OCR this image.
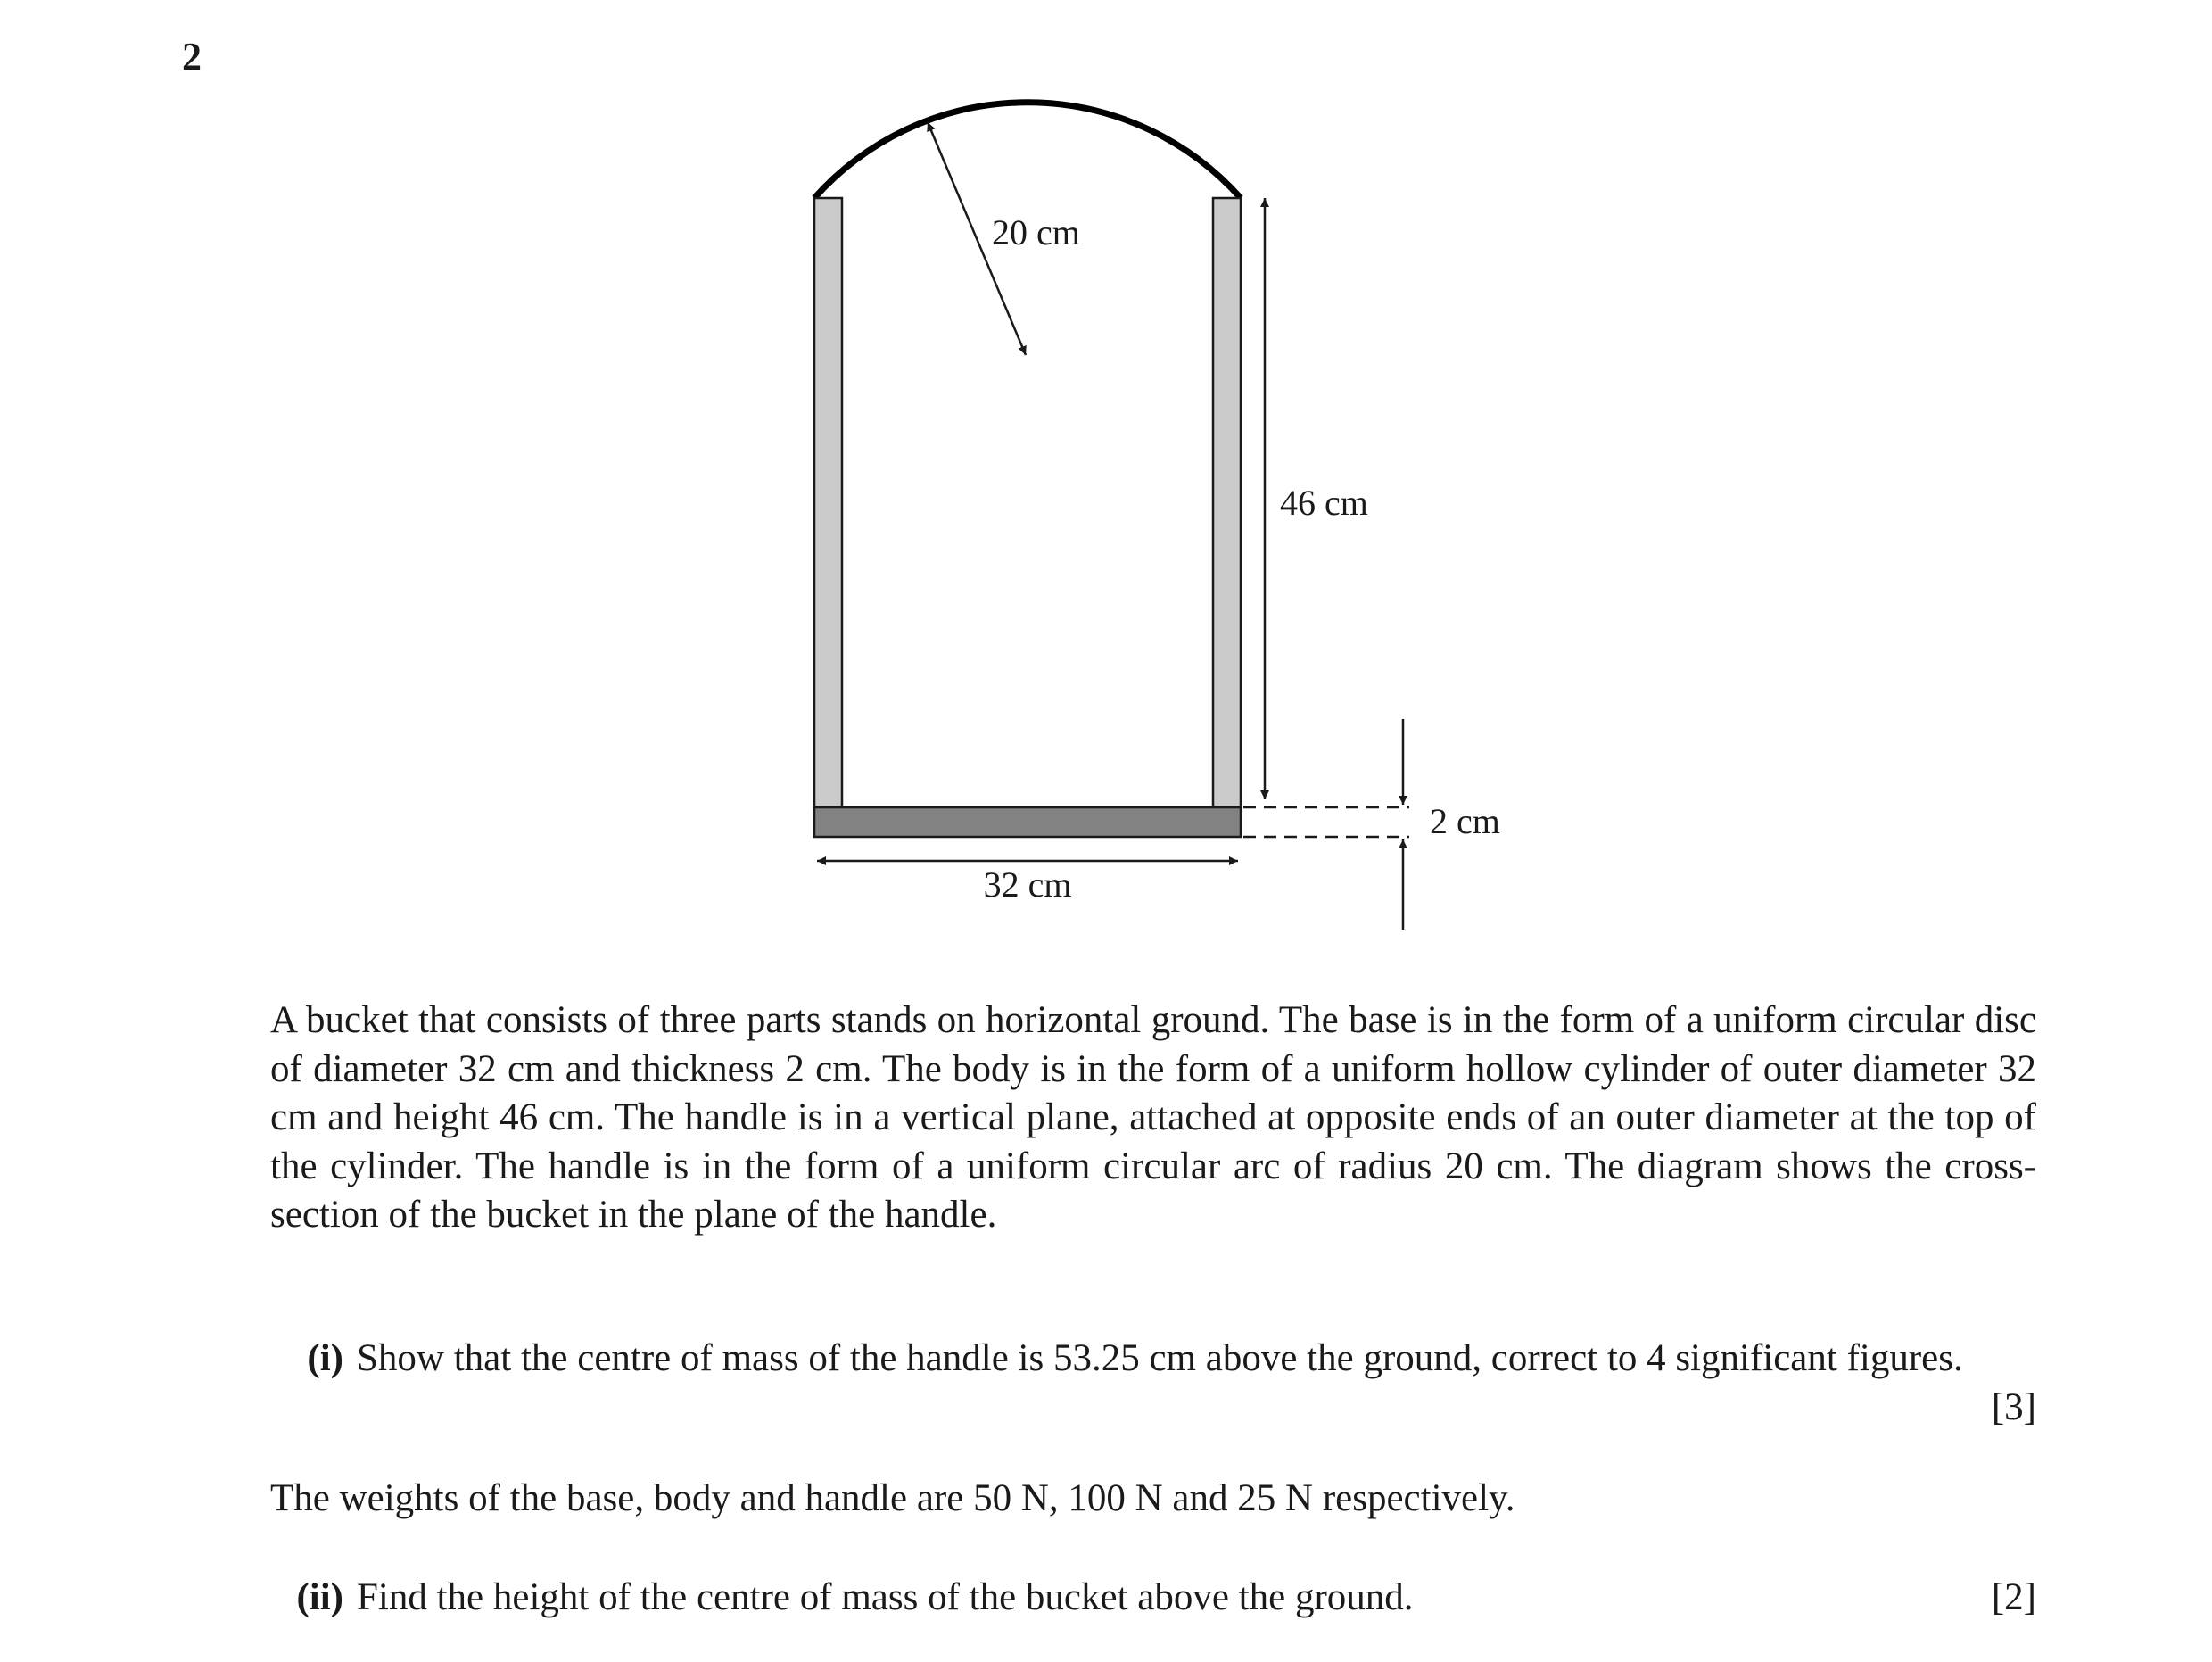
2
20 cm
46 cm
2 cm
32 cm

A bucket that consists of three parts stands on horizontal ground. The base is in the form of a uniform circular disc of diameter 32 cm and thickness 2 cm. The body is in the form of a uniform hollow cylinder of outer diameter 32 cm and height 46 cm. The handle is in a vertical plane, attached at opposite ends of an outer diameter at the top of the cylinder. The handle is in the form of a uniform circular arc of radius 20 cm. The diagram shows the cross-section of the bucket in the plane of the handle.

(i) Show that the centre of mass of the handle is 53.25 cm above the ground, correct to 4 significant figures.
[3]

The weights of the base, body and handle are 50 N, 100 N and 25 N respectively.

(ii) Find the height of the centre of mass of the bucket above the ground.	[2]
